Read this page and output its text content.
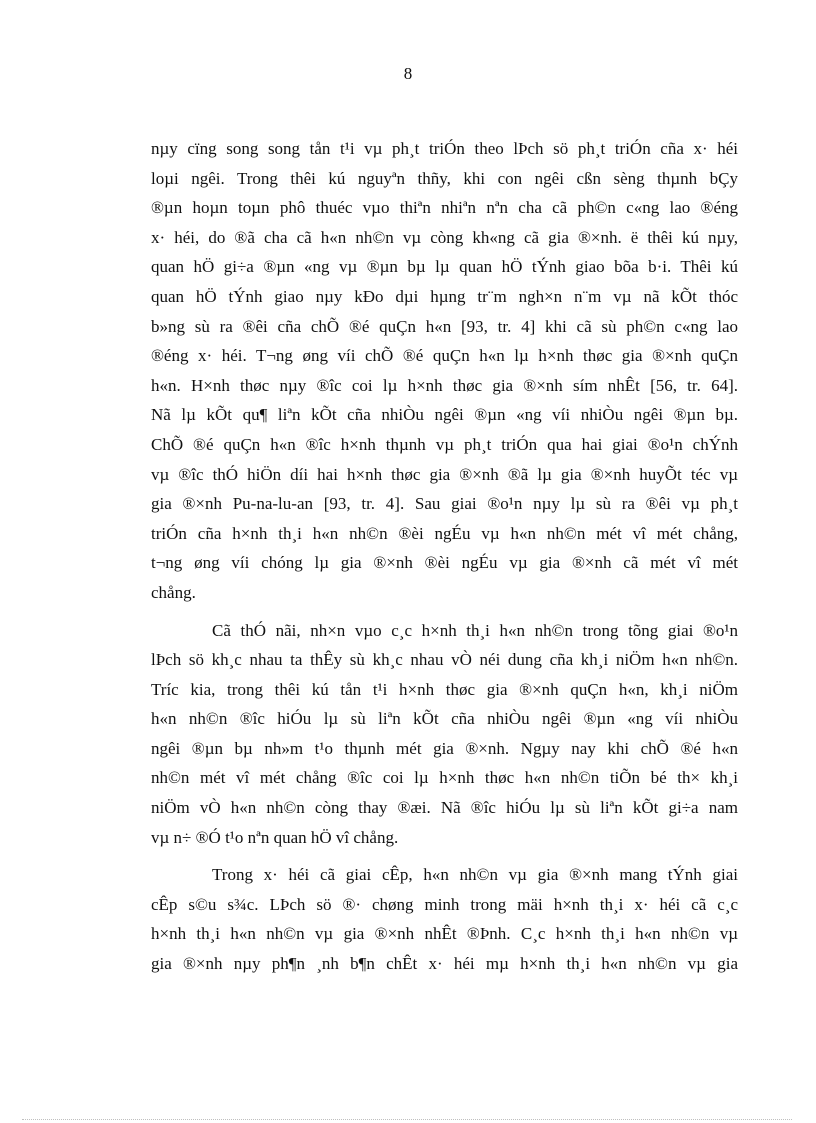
8
nµy cïng song song tån t¹i vµ ph¸t triÓn theo lÞch sö ph¸t triÓn cña x· héi
loµi ngêi. Trong thêi kú nguyªn thñy, khi con ngêi cßn sèng thµnh bÇy
®µn hoµn toµn phô thuéc vµo thiªn nhiªn nªn cha cã ph©n c«ng lao ®éng
x· héi, do ®ã cha cã h«n nh©n vµ còng kh«ng cã gia ®×nh. ë thêi kú nµy,
quan hÖ gi÷a ®µn «ng vµ ®µn bµ lµ quan hÖ tÝnh giao bõa b·i. Thêi kú
quan hÖ tÝnh giao nµy kÐo dµi hµng tr¨m ngh×n n¨m vµ nã kÕt thóc
b»ng sù ra ®êi cña chÕ ®é quÇn h«n [93, tr. 4] khi cã sù ph©n c«ng lao
®éng x· héi. T¬ng øng víi chÕ ®é quÇn h«n lµ h×nh thøc gia ®×nh quÇn
h«n. H×nh thøc nµy ®îc coi lµ h×nh thøc gia ®×nh sím nhÊt [56, tr. 64].
Nã lµ kÕt qu¶ liªn kÕt cña nhiÒu ngêi ®µn «ng víi nhiÒu ngêi ®µn bµ.
ChÕ ®é quÇn h«n ®îc h×nh thµnh vµ ph¸t triÓn qua hai giai ®o¹n chÝnh
vµ ®îc thÓ hiÖn díi hai h×nh thøc gia ®×nh ®ã lµ gia ®×nh huyÕt téc vµ
gia ®×nh Pu-na-lu-an [93, tr. 4]. Sau giai ®o¹n nµy lµ sù ra ®êi vµ ph¸t
triÓn cña h×nh th¸i h«n nh©n ®èi ngÉu vµ h«n nh©n mét vî mét chång,
t¬ng øng víi chóng lµ gia ®×nh ®èi ngÉu vµ gia ®×nh cã mét vî mét
chång.
Cã thÓ nãi, nh×n vµo c¸c h×nh th¸i h«n nh©n trong tõng giai ®o¹n
lÞch sö kh¸c nhau ta thÊy sù kh¸c nhau vÒ néi dung cña kh¸i niÖm h«n nh©n.
Tríc kia, trong thêi kú tån t¹i h×nh thøc gia ®×nh quÇn h«n, kh¸i niÖm
h«n nh©n ®îc hiÓu lµ sù liªn kÕt cña nhiÒu ngêi ®µn «ng víi nhiÒu
ngêi ®µn bµ nh»m t¹o thµnh mét gia ®×nh. Ngµy nay khi chÕ ®é h«n
nh©n mét vî mét chång ®îc coi lµ h×nh thøc h«n nh©n tiÕn bé th× kh¸i
niÖm vÒ h«n nh©n còng thay ®æi. Nã ®îc hiÓu lµ sù liªn kÕt gi÷a nam
vµ n÷ ®Ó t¹o nªn quan hÖ vî chång.
Trong x· héi cã giai cÊp, h«n nh©n vµ gia ®×nh mang tÝnh giai
cÊp s©u s¾c. LÞch sö ®· chøng minh trong mäi h×nh th¸i x· héi cã c¸c
h×nh th¸i h«n nh©n vµ gia ®×nh nhÊt ®Þnh. C¸c h×nh th¸i h«n nh©n vµ
gia ®×nh nµy ph¶n ¸nh b¶n chÊt x· héi mµ h×nh th¸i h«n nh©n vµ gia
